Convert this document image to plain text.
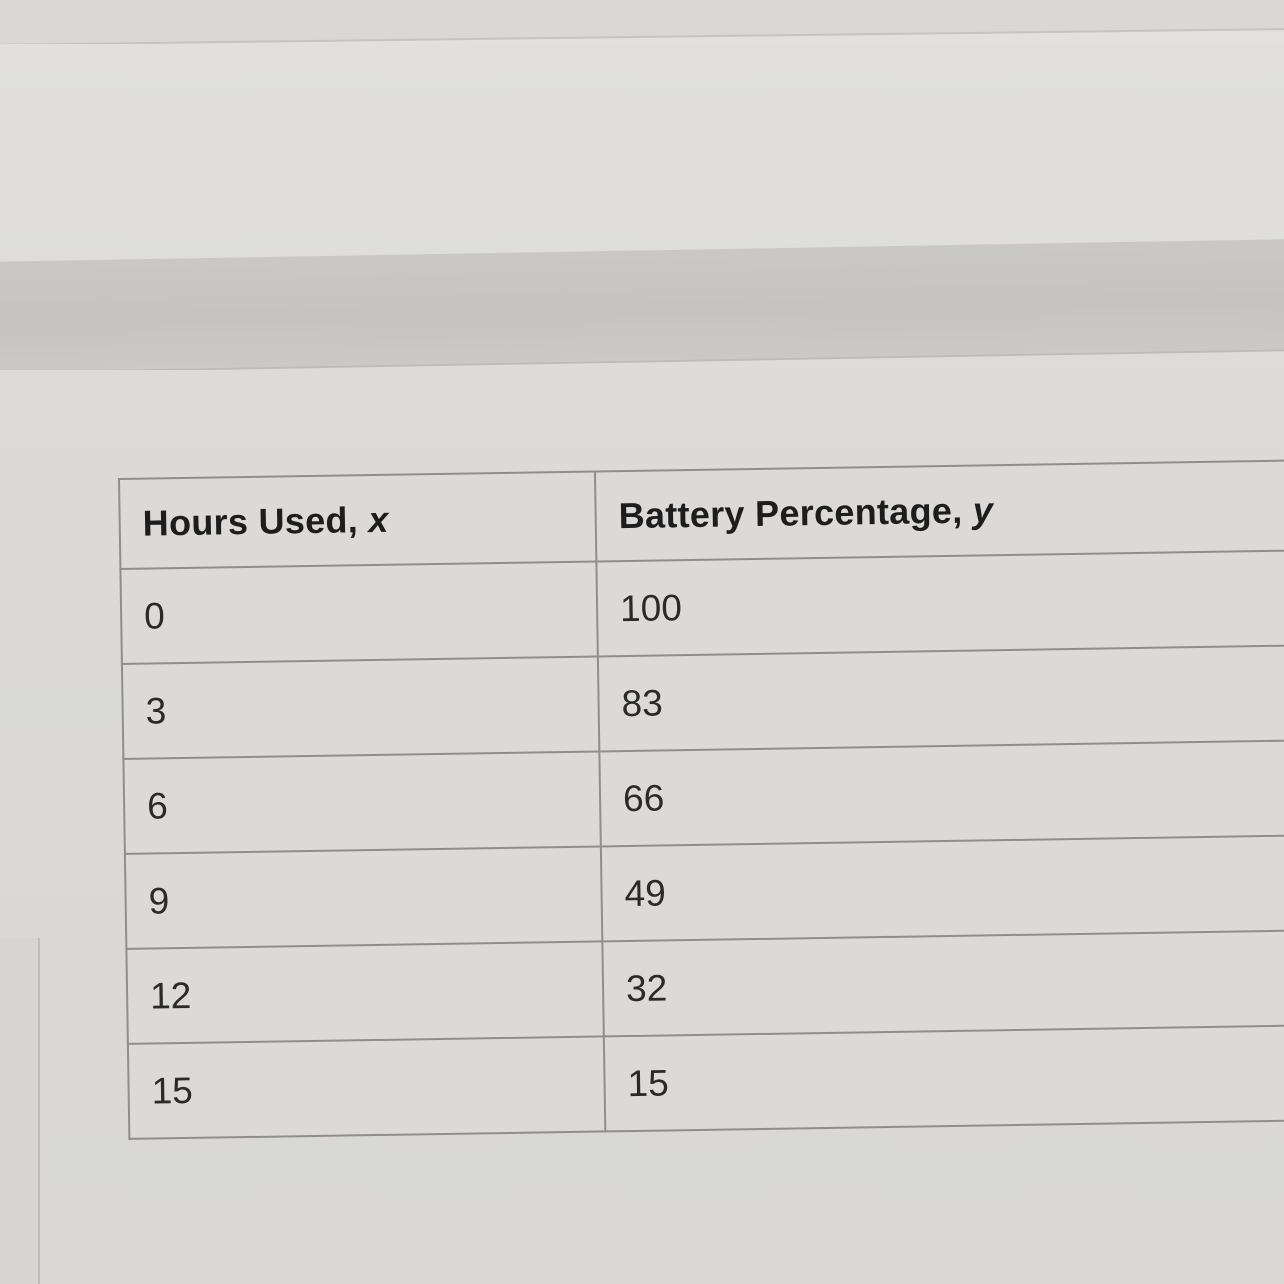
Hours Used, x	Battery Percentage, y
0	100
3	83
6	66
9	49
12	32
15	15
